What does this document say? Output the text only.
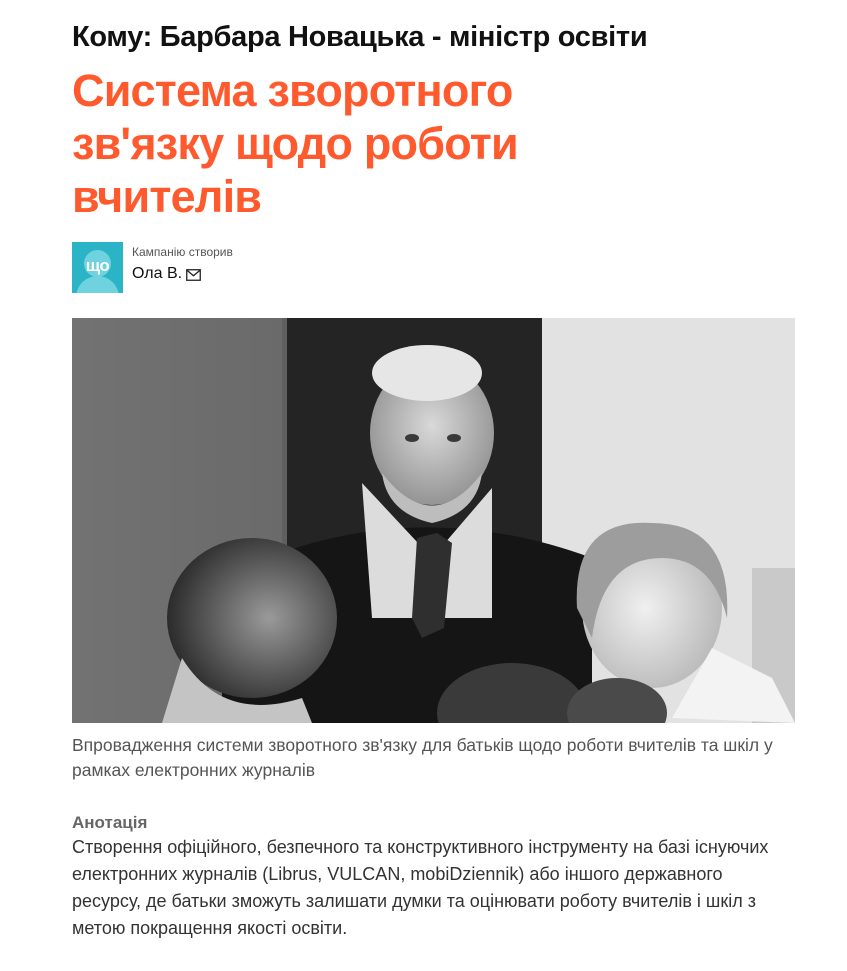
Кому: Барбара Новацька - міністр освіти
Система зворотного зв'язку щодо роботи вчителів
що
Кампанію створив
Ола В.
Впровадження системи зворотного зв'язку для батьків щодо роботи вчителів та шкіл у рамках електронних журналів
Анотація
Створення офіційного, безпечного та конструктивного інструменту на базі існуючих електронних журналів (Librus, VULCAN, mobiDziennik) або іншого державного ресурсу, де батьки зможуть залишати думки та оцінювати роботу вчителів і шкіл з метою покращення якості освіти.
